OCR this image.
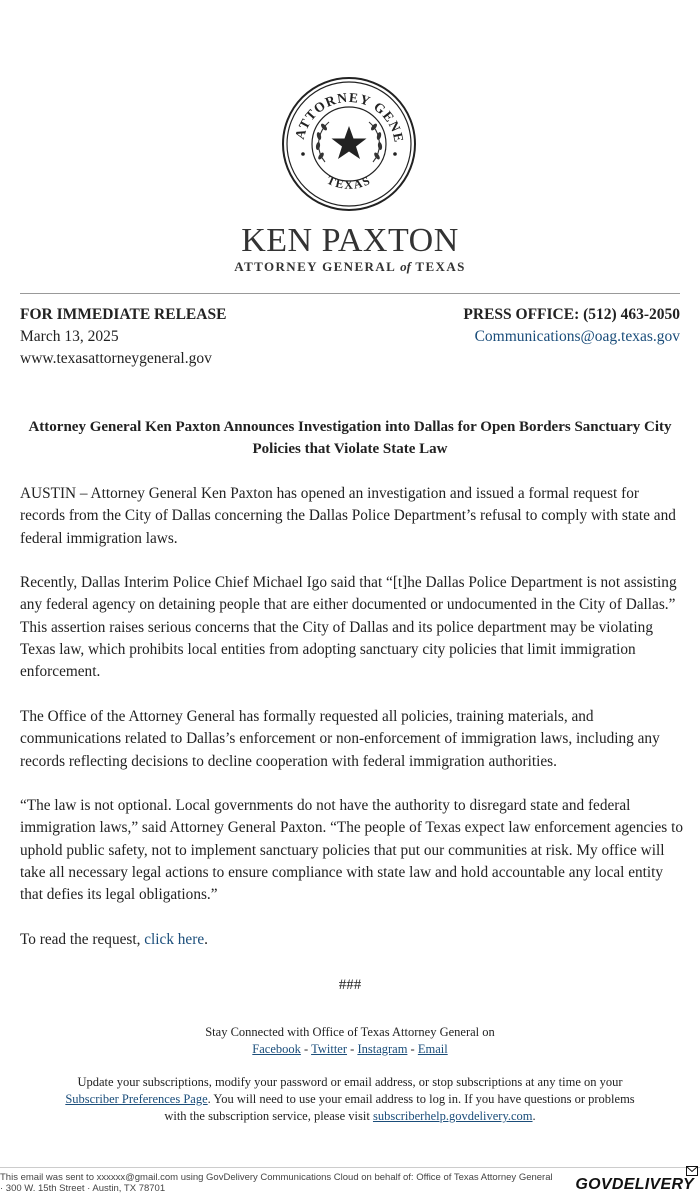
ATTORNEY GENE
TEXAS
KEN PAXTON
ATTORNEY GENERAL of TEXAS
FOR IMMEDIATE RELEASE
March 13, 2025
www.texasattorneygeneral.gov
PRESS OFFICE: (512) 463-2050
Communications@oag.texas.gov
Attorney General Ken Paxton Announces Investigation into Dallas for Open Borders Sanctuary City Policies that Violate State Law

AUSTIN – Attorney General Ken Paxton has opened an investigation and issued a formal request for records from the City of Dallas concerning the Dallas Police Department’s refusal to comply with state and federal immigration laws.

Recently, Dallas Interim Police Chief Michael Igo said that “[t]he Dallas Police Department is not assisting any federal agency on detaining people that are either documented or undocumented in the City of Dallas.” This assertion raises serious concerns that the City of Dallas and its police department may be violating Texas law, which prohibits local entities from adopting sanctuary city policies that limit immigration enforcement.

The Office of the Attorney General has formally requested all policies, training materials, and communications related to Dallas’s enforcement or non-enforcement of immigration laws, including any records reflecting decisions to decline cooperation with federal immigration authorities.

“The law is not optional. Local governments do not have the authority to disregard state and federal immigration laws,” said Attorney General Paxton. “The people of Texas expect law enforcement agencies to uphold public safety, not to implement sanctuary policies that put our communities at risk. My office will take all necessary legal actions to ensure compliance with state law and hold accountable any local entity that defies its legal obligations.”

To read the request, click here.

###
Stay Connected with Office of Texas Attorney General on
Facebook - Twitter - Instagram - Email
Update your subscriptions, modify your password or email address, or stop subscriptions at any time on your Subscriber Preferences Page. You will need to use your email address to log in. If you have questions or problems with the subscription service, please visit subscriberhelp.govdelivery.com.
This email was sent to xxxxxx@gmail.com using GovDelivery Communications Cloud on behalf of: Office of Texas Attorney General
· 300 W. 15th Street · Austin, TX 78701	GOVDELIVERY
